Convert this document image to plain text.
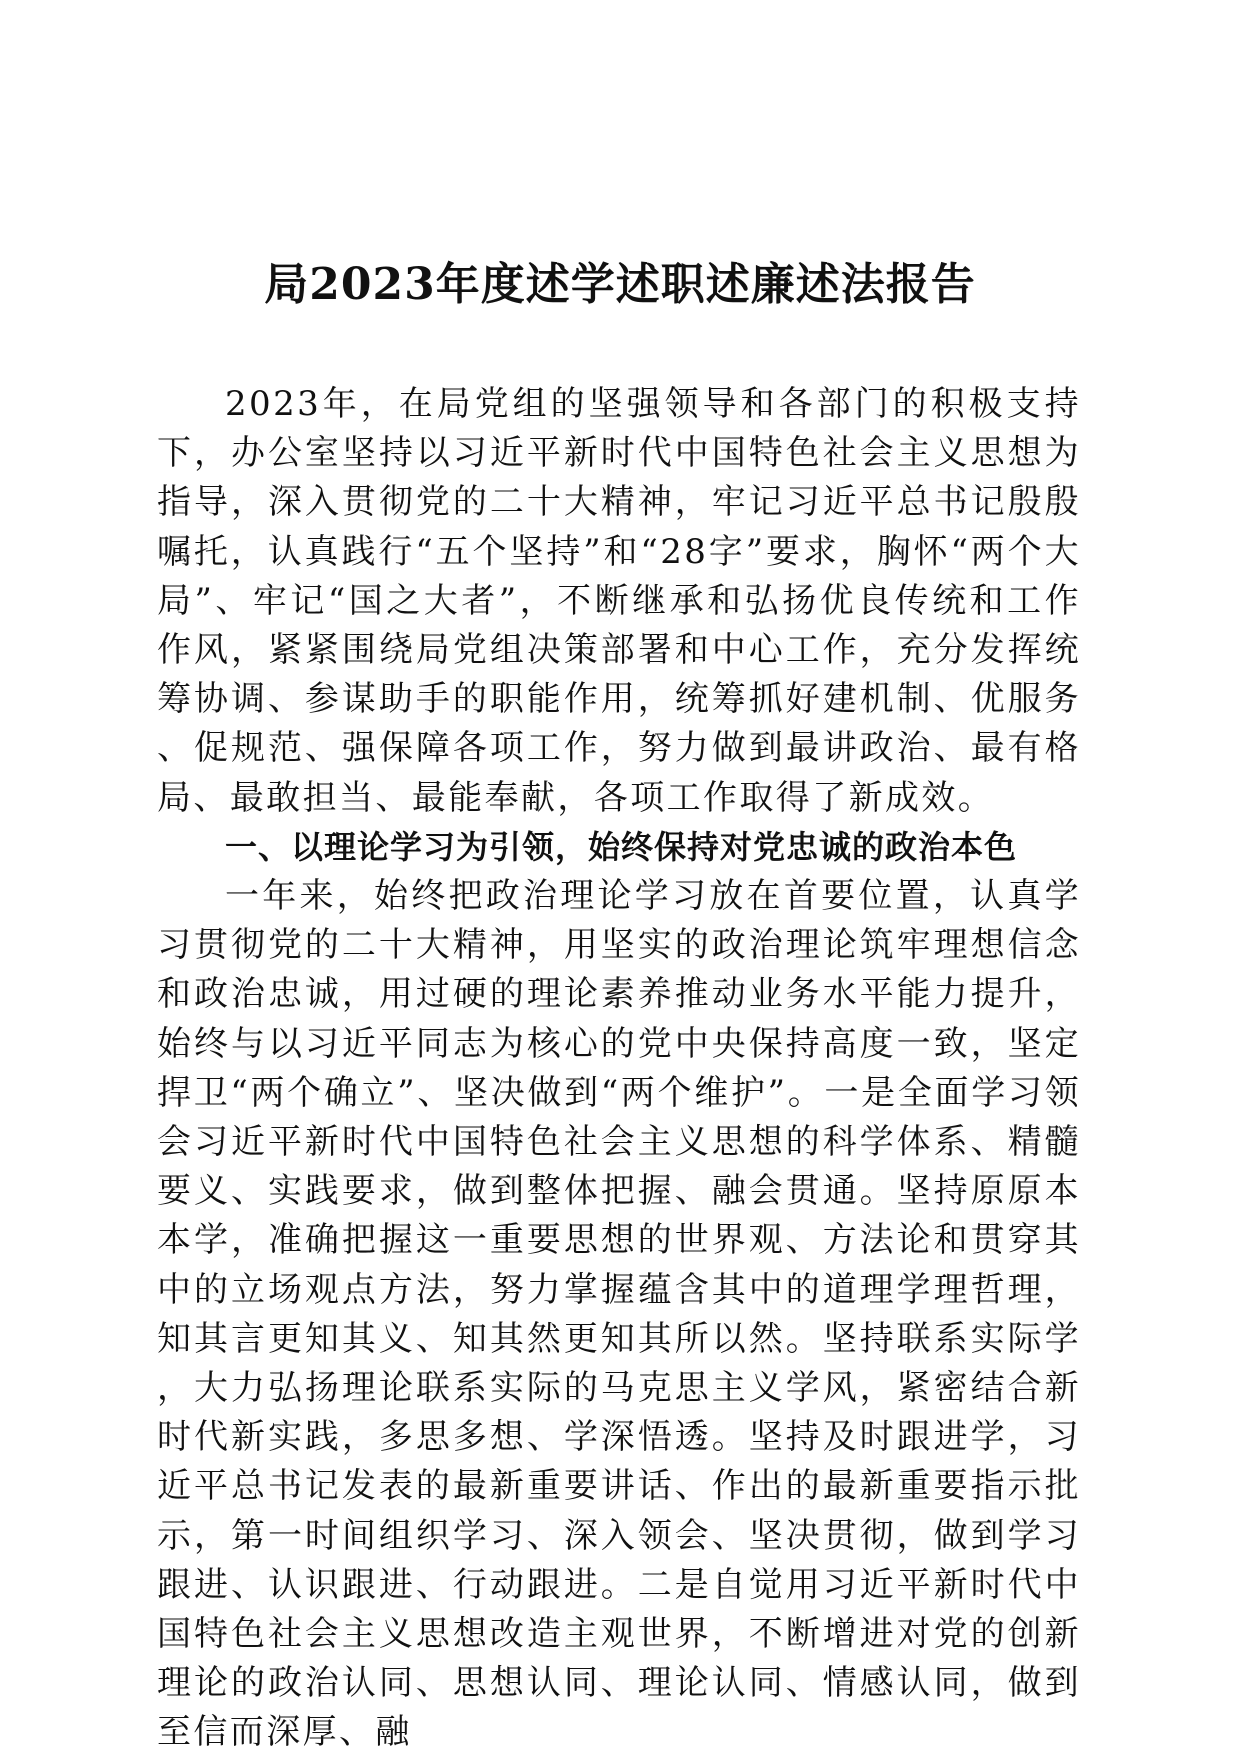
局2023年度述学述职述廉述法报告

2023年，在局党组的坚强领导和各部门的积极支持下，办公室坚持以习近平新时代中国特色社会主义思想为指导，深入贯彻党的二十大精神，牢记习近平总书记殷殷嘱托，认真践行“五个坚持”和“28字”要求，胸怀“两个大局”、牢记“国之大者”，不断继承和弘扬优良传统和工作作风，紧紧围绕局党组决策部署和中心工作，充分发挥统筹协调、参谋助手的职能作用，统筹抓好建机制、优服务、促规范、强保障各项工作，努力做到最讲政治、最有格局、最敢担当、最能奉献，各项工作取得了新成效。

一、以理论学习为引领，始终保持对党忠诚的政治本色

一年来，始终把政治理论学习放在首要位置，认真学习贯彻党的二十大精神，用坚实的政治理论筑牢理想信念和政治忠诚，用过硬的理论素养推动业务水平能力提升，始终与以习近平同志为核心的党中央保持高度一致，坚定捍卫“两个确立”、坚决做到“两个维护”。一是全面学习领会习近平新时代中国特色社会主义思想的科学体系、精髓要义、实践要求，做到整体把握、融会贯通。坚持原原本本学，准确把握这一重要思想的世界观、方法论和贯穿其中的立场观点方法，努力掌握蕴含其中的道理学理哲理，知其言更知其义、知其然更知其所以然。坚持联系实际学，大力弘扬理论联系实际的马克思主义学风，紧密结合新时代新实践，多思多想、学深悟透。坚持及时跟进学，习近平总书记发表的最新重要讲话、作出的最新重要指示批示，第一时间组织学习、深入领会、坚决贯彻，做到学习跟进、认识跟进、行动跟进。二是自觉用习近平新时代中国特色社会主义思想改造主观世界，不断增进对党的创新理论的政治认同、思想认同、理论认同、情感认同，做到至信而深厚、融
